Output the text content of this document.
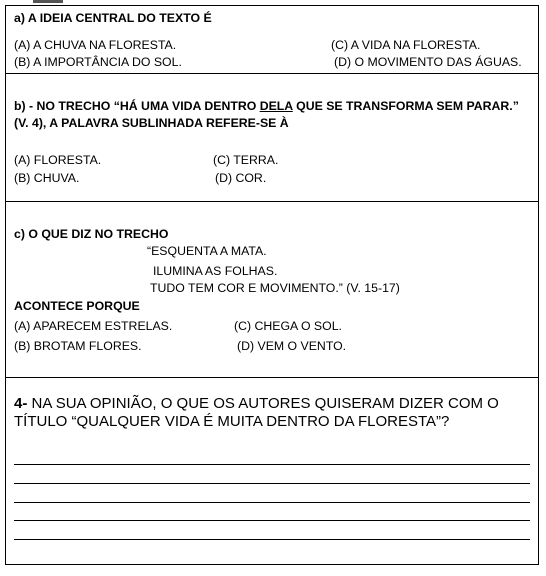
a) A IDEIA CENTRAL DO TEXTO É
(A) A CHUVA NA FLORESTA.	(C) A VIDA NA FLORESTA.
(B) A IMPORTÂNCIA DO SOL.	(D) O MOVIMENTO DAS ÁGUAS.
b) - NO TRECHO “HÁ UMA VIDA DENTRO DELA QUE SE TRANSFORMA SEM PARAR.”
(V. 4), A PALAVRA SUBLINHADA REFERE-SE À
(A) FLORESTA.	(C) TERRA.
(B) CHUVA.	(D) COR.
c) O QUE DIZ NO TRECHO
“ESQUENTA A MATA.
ILUMINA AS FOLHAS.
TUDO TEM COR E MOVIMENTO.” (V. 15-17)
ACONTECE PORQUE
(A) APARECEM ESTRELAS.	(C) CHEGA O SOL.
(B) BROTAM FLORES.	(D) VEM O VENTO.
4- NA SUA OPINIÃO, O QUE OS AUTORES QUISERAM DIZER COM O
TÍTULO “QUALQUER VIDA É MUITA DENTRO DA FLORESTA”?
